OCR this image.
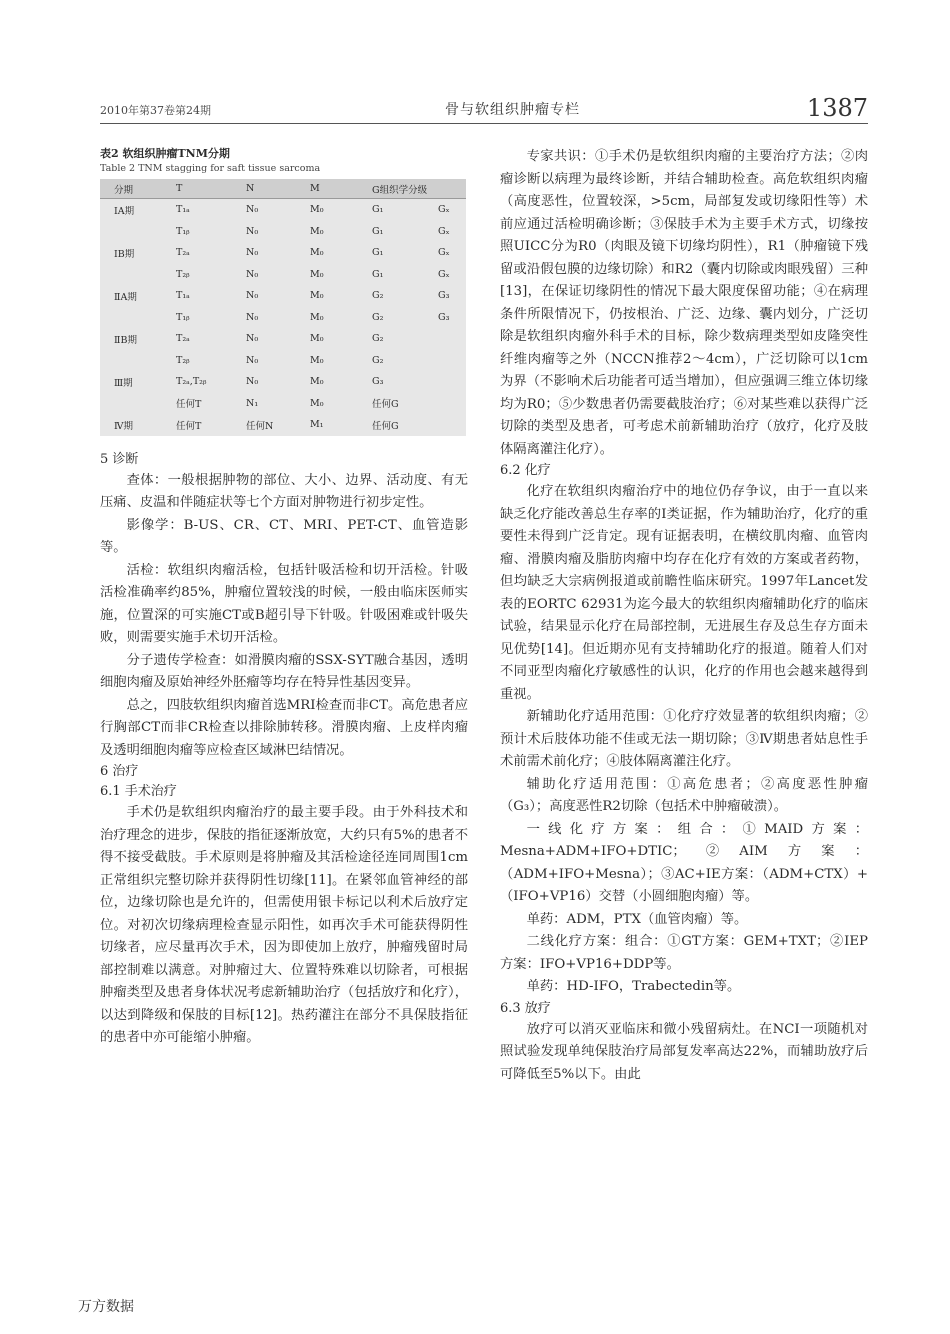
2010年第37卷第24期	骨与软组织肿瘤专栏	1387

表2 软组织肿瘤TNM分期

Table 2 TNM stagging for saft tissue sarcoma

分期	T	N	M	G组织学分级	
ⅠA期	T₁ₐ	N₀	M₀	G₁	Gₓ
	T₁ᵦ	N₀	M₀	G₁	Gₓ
ⅠB期	T₂ₐ	N₀	M₀	G₁	Gₓ
	T₂ᵦ	N₀	M₀	G₁	Gₓ
ⅡA期	T₁ₐ	N₀	M₀	G₂	G₃
	T₁ᵦ	N₀	M₀	G₂	G₃
ⅡB期	T₂ₐ	N₀	M₀	G₂	
	T₂ᵦ	N₀	M₀	G₂	
Ⅲ期	T₂ₐ,T₂ᵦ	N₀	M₀	G₃	
	任何T	N₁	M₀	任何G	
Ⅳ期	任何T	任何N	M₁	任何G	
5 诊断

查体：一般根据肿物的部位、大小、边界、活动度、有无压痛、皮温和伴随症状等七个方面对肿物进行初步定性。

影像学：B-US、CR、CT、MRI、PET-CT、血管造影等。

活检：软组织肉瘤活检，包括针吸活检和切开活检。针吸活检准确率约85%，肿瘤位置较浅的时候，一般由临床医师实施，位置深的可实施CT或B超引导下针吸。针吸困难或针吸失败，则需要实施手术切开活检。

分子遗传学检查：如滑膜肉瘤的SSX-SYT融合基因，透明细胞肉瘤及原始神经外胚瘤等均存在特异性基因变异。

总之，四肢软组织肉瘤首选MRI检查而非CT。高危患者应行胸部CT而非CR检查以排除肺转移。滑膜肉瘤、上皮样肉瘤及透明细胞肉瘤等应检查区域淋巴结情况。

6 治疗
6.1 手术治疗

手术仍是软组织肉瘤治疗的最主要手段。由于外科技术和治疗理念的进步，保肢的指征逐渐放宽，大约只有5%的患者不得不接受截肢。手术原则是将肿瘤及其活检途径连同周围1cm正常组织完整切除并获得阴性切缘[11]。在紧邻血管神经的部位，边缘切除也是允许的，但需使用银卡标记以利术后放疗定位。对初次切缘病理检查显示阳性，如再次手术可能获得阴性切缘者，应尽量再次手术，因为即使加上放疗，肿瘤残留时局部控制难以满意。对肿瘤过大、位置特殊难以切除者，可根据肿瘤类型及患者身体状况考虑新辅助治疗（包括放疗和化疗），以达到降级和保肢的目标[12]。热药灌注在部分不具保肢指征的患者中亦可能缩小肿瘤。

专家共识：①手术仍是软组织肉瘤的主要治疗方法；②肉瘤诊断以病理为最终诊断，并结合辅助检查。高危软组织肉瘤（高度恶性，位置较深，>5cm，局部复发或切缘阳性等）术前应通过活检明确诊断；③保肢手术为主要手术方式，切缘按照UICC分为R0（肉眼及镜下切缘均阴性），R1（肿瘤镜下残留或沿假包膜的边缘切除）和R2（囊内切除或肉眼残留）三种[13]，在保证切缘阴性的情况下最大限度保留功能；④在病理条件所限情况下，仍按根治、广泛、边缘、囊内划分，广泛切除是软组织肉瘤外科手术的目标，除少数病理类型如皮隆突性纤维肉瘤等之外（NCCN推荐2～4cm），广泛切除可以1cm为界（不影响术后功能者可适当增加），但应强调三维立体切缘均为R0；⑤少数患者仍需要截肢治疗；⑥对某些难以获得广泛切除的类型及患者，可考虑术前新辅助治疗（放疗，化疗及肢体隔离灌注化疗）。

6.2 化疗

化疗在软组织肉瘤治疗中的地位仍存争议，由于一直以来缺乏化疗能改善总生存率的Ⅰ类证据，作为辅助治疗，化疗的重要性未得到广泛肯定。现有证据表明，在横纹肌肉瘤、血管肉瘤、滑膜肉瘤及脂肪肉瘤中均存在化疗有效的方案或者药物，但均缺乏大宗病例报道或前瞻性临床研究。1997年Lancet发表的EORTC 62931为迄今最大的软组织肉瘤辅助化疗的临床试验，结果显示化疗在局部控制，无进展生存及总生存方面未见优势[14]。但近期亦见有支持辅助化疗的报道。随着人们对不同亚型肉瘤化疗敏感性的认识，化疗的作用也会越来越得到重视。

新辅助化疗适用范围：①化疗疗效显著的软组织肉瘤；②预计术后肢体功能不佳或无法一期切除；③Ⅳ期患者姑息性手术前需术前化疗；④肢体隔离灌注化疗。

辅助化疗适用范围：①高危患者；②高度恶性肿瘤（G₃）；高度恶性R2切除（包括术中肿瘤破溃）。

一线化疗方案：组合：①MAID方案：Mesna+ADM+IFO+DTIC；②AIM方案：（ADM+IFO+Mesna）；③AC+IE方案：（ADM+CTX）+（IFO+VP16）交替（小圆细胞肉瘤）等。

单药：ADM，PTX（血管肉瘤）等。

二线化疗方案：组合：①GT方案：GEM+TXT；②IEP方案：IFO+VP16+DDP等。

单药：HD-IFO，Trabectedin等。

6.3 放疗

放疗可以消灭亚临床和微小残留病灶。在NCI一项随机对照试验发现单纯保肢治疗局部复发率高达22%，而辅助放疗后可降低至5%以下。由此

万方数据
